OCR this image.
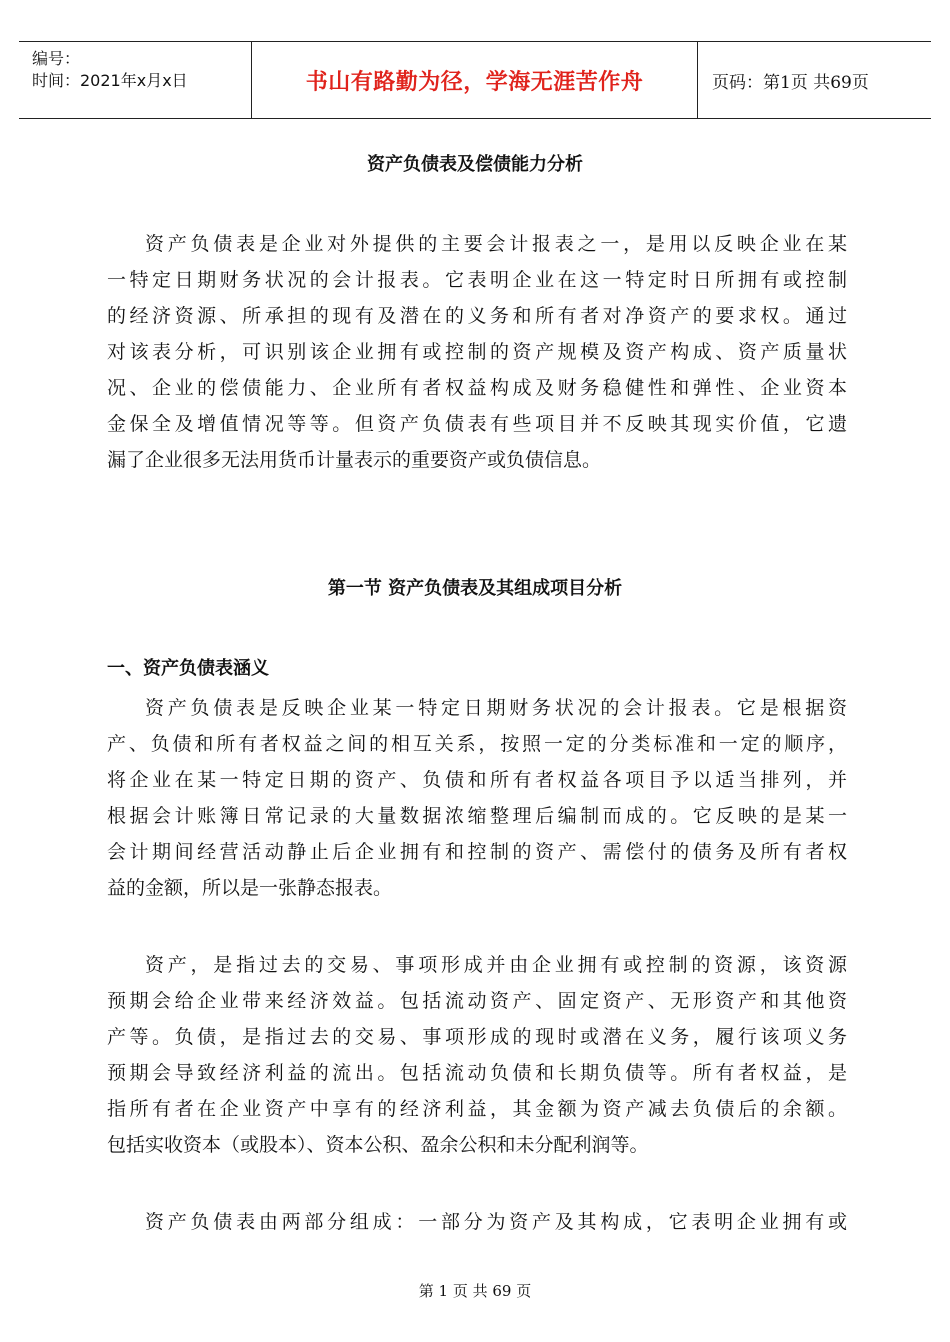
编号：
时间：2021年x月x日	书山有路勤为径，学海无涯苦作舟	页码：第1页 共69页
资产负债表及偿债能力分析
资产负债表是企业对外提供的主要会计报表之一，是用以反映企业在某
一特定日期财务状况的会计报表。它表明企业在这一特定时日所拥有或控制
的经济资源、所承担的现有及潜在的义务和所有者对净资产的要求权。通过
对该表分析，可识别该企业拥有或控制的资产规模及资产构成、资产质量状
况、企业的偿债能力、企业所有者权益构成及财务稳健性和弹性、企业资本
金保全及增值情况等等。但资产负债表有些项目并不反映其现实价值，它遗
漏了企业很多无法用货币计量表示的重要资产或负债信息。
第一节 资产负债表及其组成项目分析
一、资产负债表涵义
资产负债表是反映企业某一特定日期财务状况的会计报表。它是根据资
产、负债和所有者权益之间的相互关系，按照一定的分类标准和一定的顺序，
将企业在某一特定日期的资产、负债和所有者权益各项目予以适当排列，并
根据会计账簿日常记录的大量数据浓缩整理后编制而成的。它反映的是某一
会计期间经营活动静止后企业拥有和控制的资产、需偿付的债务及所有者权
益的金额，所以是一张静态报表。
资产，是指过去的交易、事项形成并由企业拥有或控制的资源，该资源
预期会给企业带来经济效益。包括流动资产、固定资产、无形资产和其他资
产等。负债，是指过去的交易、事项形成的现时或潜在义务，履行该项义务
预期会导致经济利益的流出。包括流动负债和长期负债等。所有者权益，是
指所有者在企业资产中享有的经济利益，其金额为资产减去负债后的余额。
包括实收资本（或股本）、资本公积、盈余公积和未分配利润等。
资产负债表由两部分组成：一部分为资产及其构成，它表明企业拥有或
第 1 页 共 69 页
